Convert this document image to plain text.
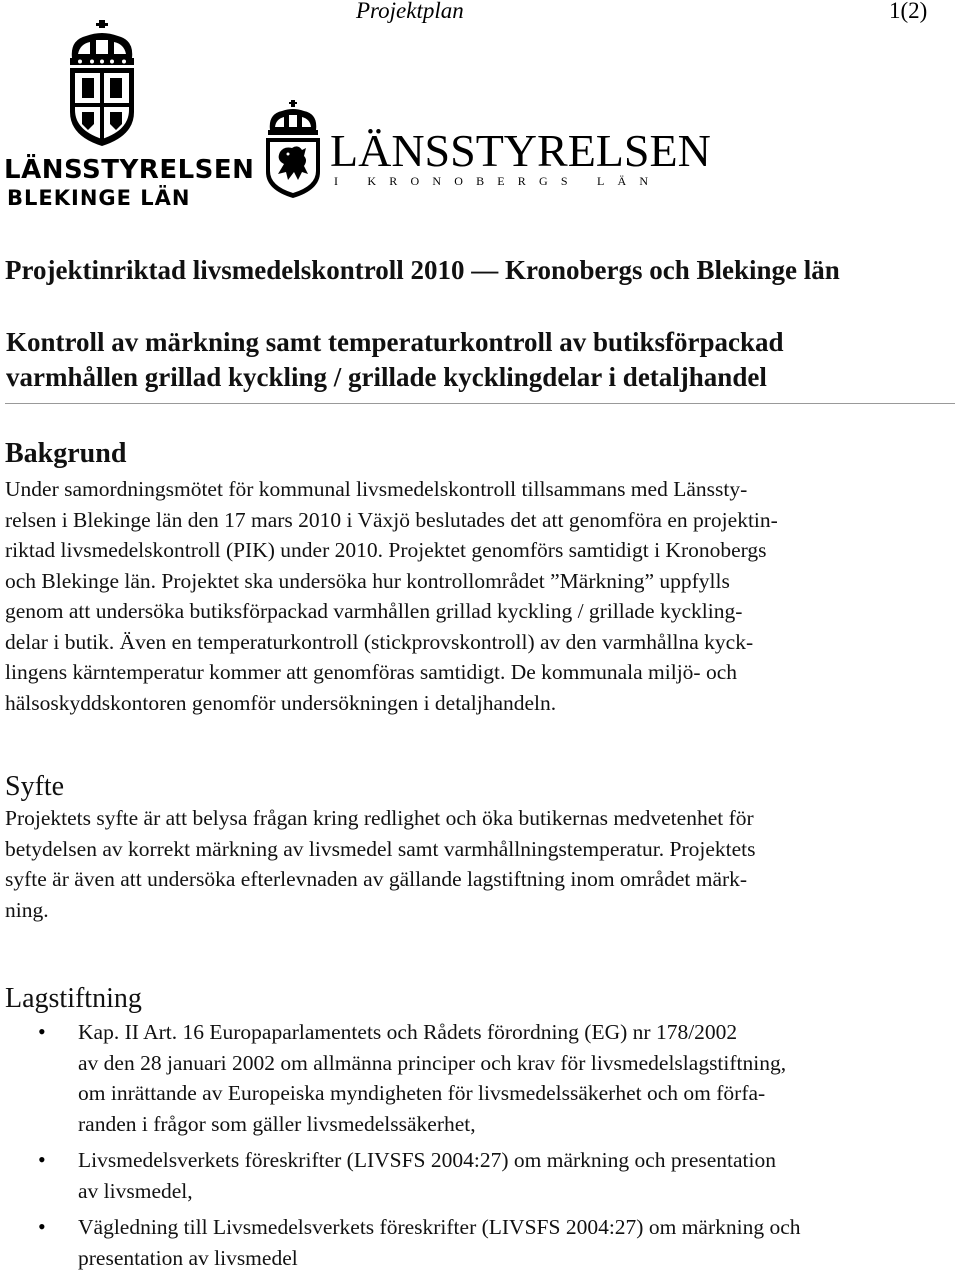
Projektplan	1(2)
LÄNSSTYRELSEN
BLEKINGE LÄN
LÄNSSTYRELSEN
I KRONOBERGS LÄN
Projektinriktad livsmedelskontroll 2010 — Kronobergs och Blekinge län
Kontroll av märkning samt temperaturkontroll av butiksförpackad
varmhållen grillad kyckling / grillade kycklingdelar i detaljhandel
Bakgrund
Under samordningsmötet för kommunal livsmedelskontroll tillsammans med Länssty-
relsen i Blekinge län den 17 mars 2010 i Växjö beslutades det att genomföra en projektin-
riktad livsmedelskontroll (PIK) under 2010. Projektet genomförs samtidigt i Kronobergs
och Blekinge län. Projektet ska undersöka hur kontrollområdet ”Märkning” uppfylls
genom att undersöka butiksförpackad varmhållen grillad kyckling / grillade kyckling-
delar i butik. Även en temperaturkontroll (stickprovskontroll) av den varmhållna kyck-
lingens kärntemperatur kommer att genomföras samtidigt. De kommunala miljö- och
hälsoskyddskontoren genomför undersökningen i detaljhandeln.
Syfte
Projektets syfte är att belysa frågan kring redlighet och öka butikernas medvetenhet för
betydelsen av korrekt märkning av livsmedel samt varmhållningstemperatur. Projektets
syfte är även att undersöka efterlevnaden av gällande lagstiftning inom området märk-
ning.
Lagstiftning
• Kap. II Art. 16 Europaparlamentets och Rådets förordning (EG) nr 178/2002
av den 28 januari 2002 om allmänna principer och krav för livsmedelslagstiftning,
om inrättande av Europeiska myndigheten för livsmedelssäkerhet och om förfa-
randen i frågor som gäller livsmedelssäkerhet,
• Livsmedelsverkets föreskrifter (LIVSFS 2004:27) om märkning och presentation
av livsmedel,
• Vägledning till Livsmedelsverkets föreskrifter (LIVSFS 2004:27) om märkning och
presentation av livsmedel
